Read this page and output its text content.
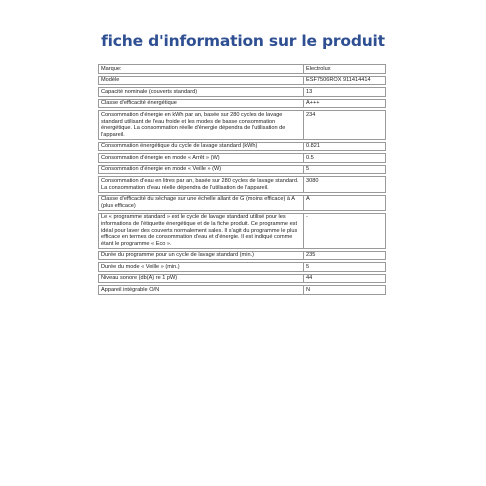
fiche d'information sur le produit
Marque:	Electrolux
Modèle	ESF7506ROX 911414414
Capacité nominale (couverts standard)	13
Classe d'efficacité énergétique	A+++
Consommation d'énergie en kWh par an, basée sur 280 cycles de lavage standard utilisant de l'eau froide et les modes de basse consommation énergétique. La consommation réelle d'énergie dépendra de l'utilisation de l'appareil.	234
Consommation énergétique du cycle de lavage standard (kWh)	0.821
Consommation d'énergie en mode « Arrêt » (W)	0.5
Consommation d'énergie en mode « Veille » (W)	5
Consommation d'eau en litres par an, basée sur 280 cycles de lavage standard. La consommation d'eau réelle dépendra de l'utilisation de l'appareil.	3080
Classe d'efficacité du séchage sur une échelle allant de G (moins efficace) à A (plus efficace)	A
Le « programme standard » est le cycle de lavage standard utilisé pour les informations de l'étiquette énergétique et de la fiche produit. Ce programme est idéal pour laver des couverts normalement sales. Il s'agit du programme le plus efficace en termes de consommation d'eau et d'énergie. Il est indiqué comme étant le programme « Eco ».	-
Durée du programme pour un cycle de lavage standard (min.)	235
Durée du mode « Veille » (min.)	5
Niveau sonore (db(A) re 1 pW)	44
Appareil intégrable O/N	N
